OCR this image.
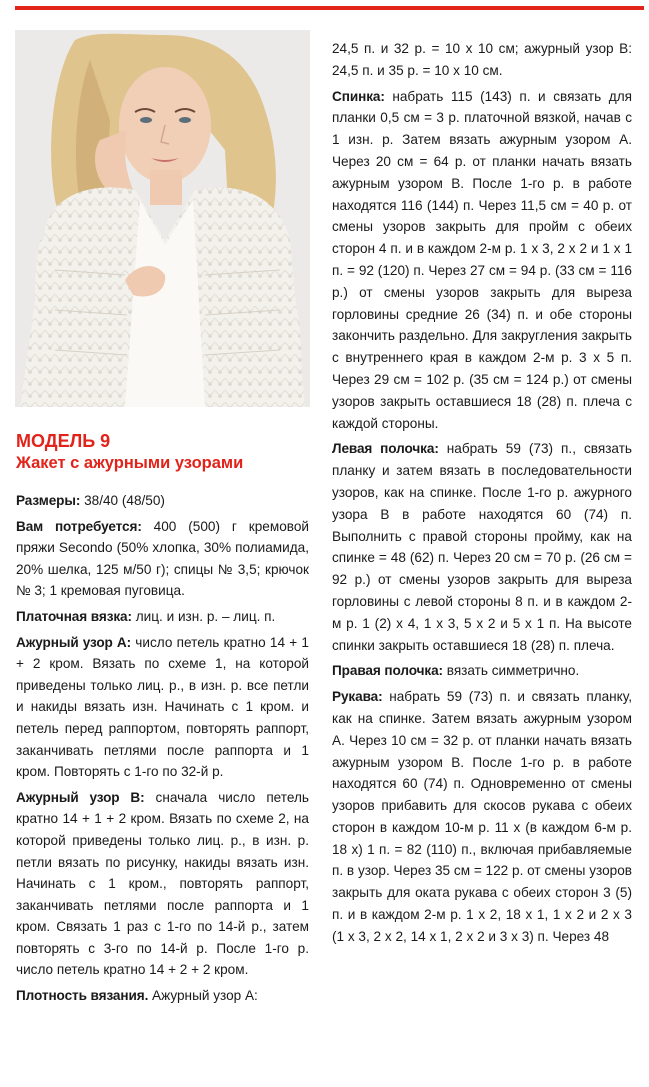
МОДЕЛЬ 9
Жакет с ажурными узорами

Размеры: 38/40 (48/50)

Вам потребуется: 400 (500) г кремовой пряжи Secondo (50% хлопка, 30% полиамида, 20% шелка, 125 м/50 г); спицы № 3,5; крючок № 3; 1 кремовая пуговица.

Платочная вязка: лиц. и изн. р. – лиц. п.

Ажурный узор А: число петель кратно 14 + 1 + 2 кром. Вязать по схеме 1, на которой приведены только лиц. р., в изн. р. все петли и накиды вязать изн. Начинать с 1 кром. и петель перед раппортом, повторять раппорт, заканчивать петлями после раппорта и 1 кром. Повторять с 1-го по 32-й р.

Ажурный узор В: сначала число петель кратно 14 + 1 + 2 кром. Вязать по схеме 2, на которой приведены только лиц. р., в изн. р. петли вязать по рисунку, накиды вязать изн. Начинать с 1 кром., повторять раппорт, заканчивать петлями после раппорта и 1 кром. Связать 1 раз с 1-го по 14-й р., затем повторять с 3-го по 14-й р. После 1-го р. число петель кратно 14 + 2 + 2 кром.

Плотность вязания. Ажурный узор А:

24,5 п. и 32 р. = 10 х 10 см; ажурный узор В: 24,5 п. и 35 р. = 10 х 10 см.

Спинка: набрать 115 (143) п. и связать для планки 0,5 см = 3 р. платочной вязкой, начав с 1 изн. р. Затем вязать ажурным узором А. Через 20 см = 64 р. от планки начать вязать ажурным узором В. После 1-го р. в работе находятся 116 (144) п. Через 11,5 см = 40 р. от смены узоров закрыть для пройм с обеих сторон 4 п. и в каждом 2-м р. 1 х 3, 2 х 2 и 1 х 1 п. = 92 (120) п. Через 27 см = 94 р. (33 см = 116 р.) от смены узоров закрыть для выреза горловины средние 26 (34) п. и обе стороны закончить раздельно. Для закругления закрыть с внутреннего края в каждом 2-м р. 3 х 5 п. Через 29 см = 102 р. (35 см = 124 р.) от смены узоров закрыть оставшиеся 18 (28) п. плеча с каждой стороны.

Левая полочка: набрать 59 (73) п., связать планку и затем вязать в последовательности узоров, как на спинке. После 1-го р. ажурного узора В в работе находятся 60 (74) п. Выполнить с правой стороны пройму, как на спинке = 48 (62) п. Через 20 см = 70 р. (26 см = 92 р.) от смены узоров закрыть для выреза горловины с левой стороны 8 п. и в каждом 2-м р. 1 (2) х 4, 1 х 3, 5 х 2 и 5 х 1 п. На высоте спинки закрыть оставшиеся 18 (28) п. плеча.

Правая полочка: вязать симметрично.

Рукава: набрать 59 (73) п. и связать планку, как на спинке. Затем вязать ажурным узором А. Через 10 см = 32 р. от планки начать вязать ажурным узором В. После 1-го р. в работе находятся 60 (74) п. Одновременно от смены узоров прибавить для скосов рукава с обеих сторон в каждом 10-м р. 11 х (в каждом 6-м р. 18 х) 1 п. = 82 (110) п., включая прибавляемые п. в узор. Через 35 см = 122 р. от смены узоров закрыть для оката рукава с обеих сторон 3 (5) п. и в каждом 2-м р. 1 х 2, 18 х 1, 1 х 2 и 2 х 3 (1 х 3, 2 х 2, 14 х 1, 2 х 2 и 3 х 3) п. Через 48
